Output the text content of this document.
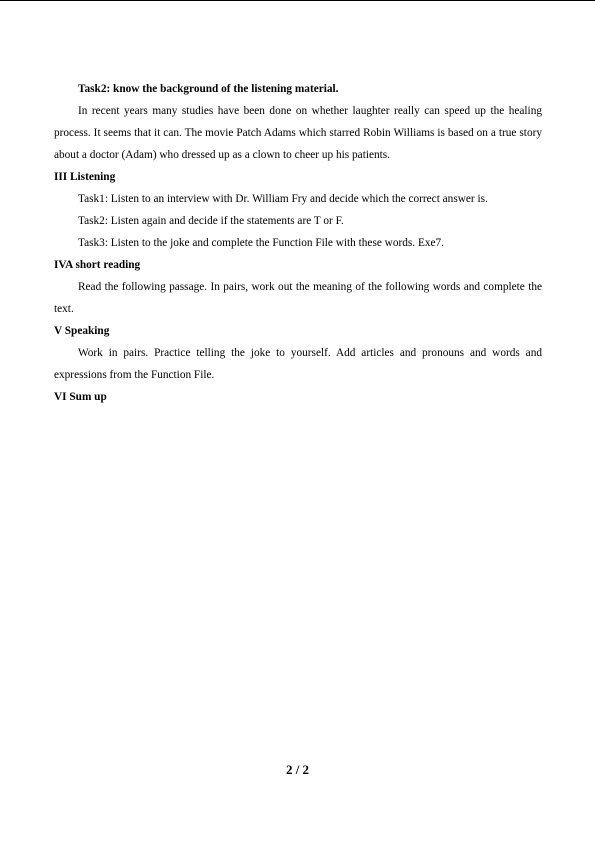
Task2: know the background of the listening material.

In recent years many studies have been done on whether laughter really can speed up the healing process. It seems that it can. The movie Patch Adams which starred Robin Williams is based on a true story about a doctor (Adam) who dressed up as a clown to cheer up his patients.

III Listening

Task1: Listen to an interview with Dr. William Fry and decide which the correct answer is.

Task2: Listen again and decide if the statements are T or F.

Task3: Listen to the joke and complete the Function File with these words. Exe7.

IVA short reading

Read the following passage. In pairs, work out the meaning of the following words and complete the text.

V Speaking

Work in pairs. Practice telling the joke to yourself. Add articles and pronouns and words and expressions from the Function File.

VI Sum up

2 / 2
